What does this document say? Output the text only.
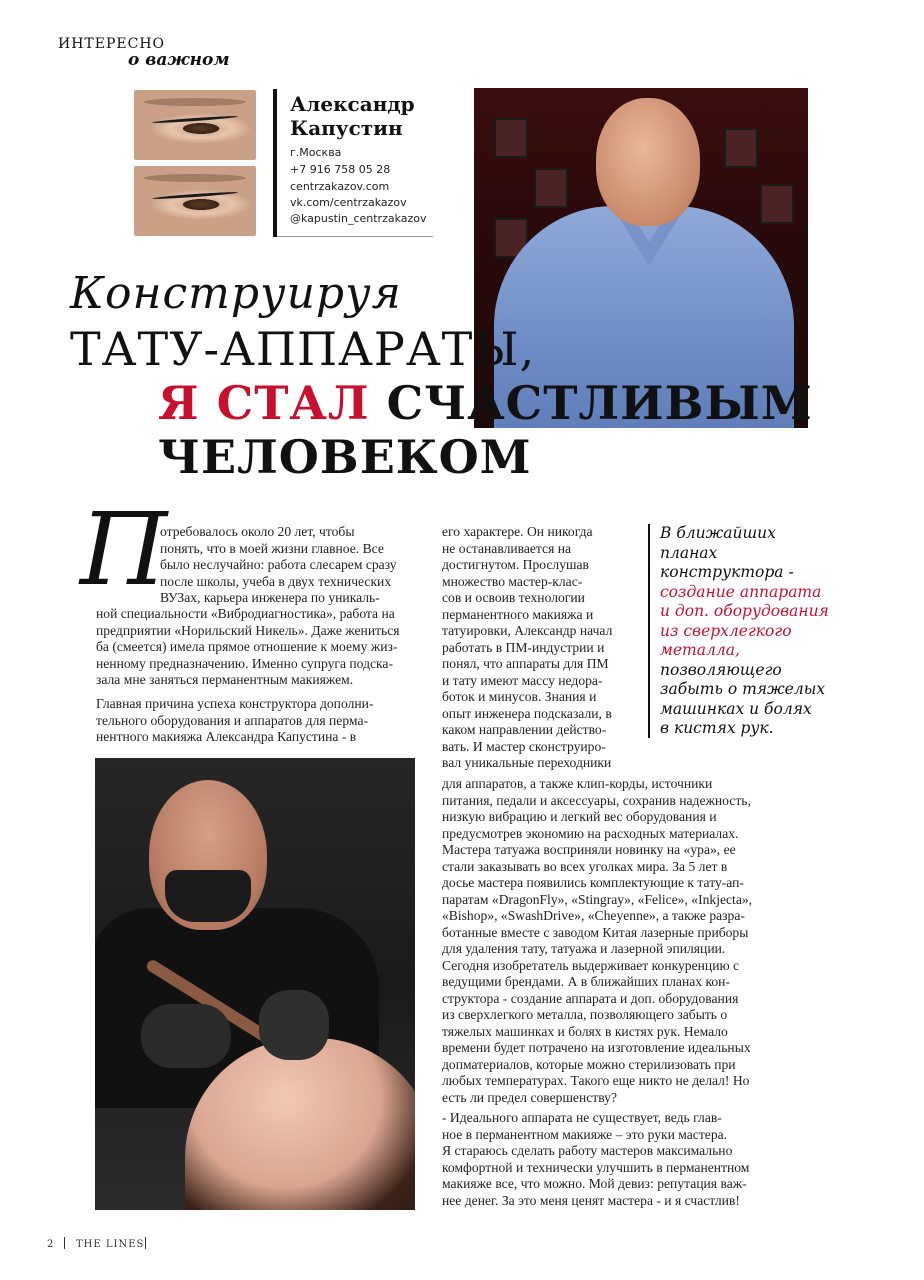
ИНТЕРЕСНО
о важном
Александр
Капустин
г.Москва
+7 916 758 05 28
centrzakazov.com
vk.com/centrzakazov
@kapustin_centrzakazov
Конструируя
ТАТУ-АППАРАТЫ,
Я СТАЛ СЧАСТЛИВЫМ
ЧЕЛОВЕКОМ
П
отребовалось около 20 лет, чтобы
понять, что в моей жизни главное. Все
было неслучайно: работа слесарем сразу
после школы, учеба в двух технических
ВУЗах, карьера инженера по уникаль-
ной специальности «Вибродиагностика», работа на
предприятии «Норильский Никель». Даже жениться
ба (смеется) имела прямое отношение к моему жиз-
ненному предназначению. Именно супруга подска-
зала мне заняться перманентным макияжем.
Главная причина успеха конструктора дополни-
тельного оборудования и аппаратов для перма-
нентного макияжа Александра Капустина - в
его характере. Он никогда
не останавливается на
достигнутом. Прослушав
множество мастер-клас-
сов и освоив технологии
перманентного макияжа и
татуировки, Александр начал
работать в ПМ-индустрии и
понял, что аппараты для ПМ
и тату имеют массу недора-
боток и минусов. Знания и
опыт инженера подсказали, в
каком направлении действо-
вать. И мастер сконструиро-
вал уникальные переходники
для аппаратов, а также клип-корды, источники
питания, педали и аксессуары, сохранив надежность,
низкую вибрацию и легкий вес оборудования и
предусмотрев экономию на расходных материалах.
Мастера татуажа восприняли новинку на «ура», ее
стали заказывать во всех уголках мира. За 5 лет в
досье мастера появились комплектующие к тату-ап-
паратам «DragonFly», «Stingray», «Felice», «Inkjecta»,
«Bishop», «SwashDrive», «Cheyenne», а также разра-
ботанные вместе с заводом Китая лазерные приборы
для удаления тату, татуажа и лазерной эпиляции.
Сегодня изобретатель выдерживает конкуренцию с
ведущими брендами. А в ближайших планах кон-
структора - создание аппарата и доп. оборудования
из сверхлегкого металла, позволяющего забыть о
тяжелых машинках и болях в кистях рук. Немало
времени будет потрачено на изготовление идеальных
допматериалов, которые можно стерилизовать при
любых температурах. Такого еще никто не делал! Но
есть ли предел совершенству?
- Идеального аппарата не существует, ведь глав-
ное в перманентном макияже – это руки мастера.
Я стараюсь сделать работу мастеров максимально
комфортной и технически улучшить в перманентном
макияже все, что можно. Мой девиз: репутация важ-
нее денег. За это меня ценят мастера - и я счастлив!
В ближайших
планах
конструктора -
создание аппарата
и доп. оборудования
из сверхлегкого
металла,
позволяющего
забыть о тяжелых
машинках и болях
в кистях рук.
2 THE LINES
